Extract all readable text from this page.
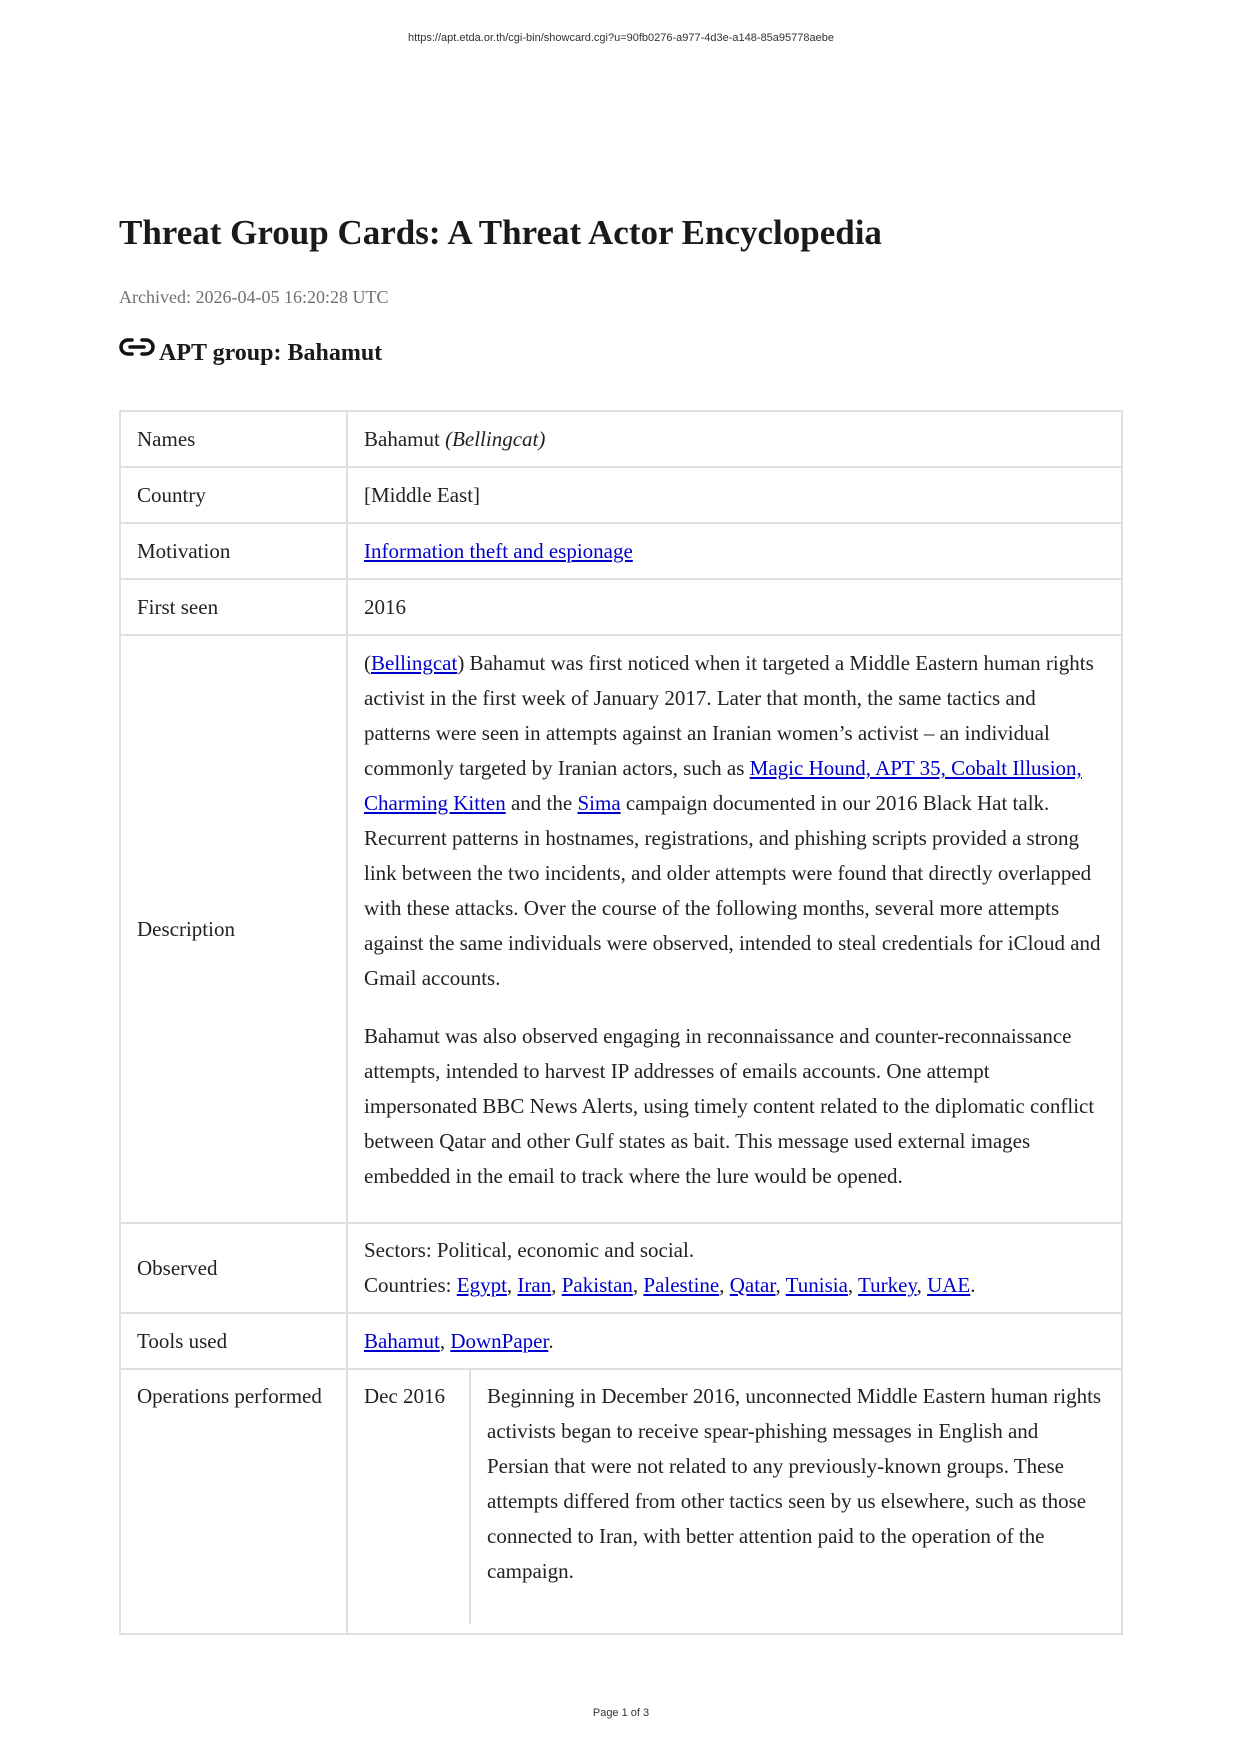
https://apt.etda.or.th/cgi-bin/showcard.cgi?u=90fb0276-a977-4d3e-a148-85a95778aebe
Threat Group Cards: A Threat Actor Encyclopedia
Archived: 2026-04-05 16:20:28 UTC
APT group: Bahamut
Names	Bahamut (Bellingcat)
Country	[Middle East]
Motivation	Information theft and espionage
First seen	2016
Description	(Bellingcat) Bahamut was first noticed when it targeted a Middle Eastern human rights activist in the first week of January 2017. Later that month, the same tactics and patterns were seen in attempts against an Iranian women’s activist – an individual commonly targeted by Iranian actors, such as Magic Hound, APT 35, Cobalt Illusion, Charming Kitten and the Sima campaign documented in our 2016 Black Hat talk. Recurrent patterns in hostnames, registrations, and phishing scripts provided a strong link between the two incidents, and older attempts were found that directly overlapped with these attacks. Over the course of the following months, several more attempts against the same individuals were observed, intended to steal credentials for iCloud and Gmail accounts.

Bahamut was also observed engaging in reconnaissance and counter-reconnaissance attempts, intended to harvest IP addresses of emails accounts. One attempt impersonated BBC News Alerts, using timely content related to the diplomatic conflict between Qatar and other Gulf states as bait. This message used external images embedded in the email to track where the lure would be opened.

Observed	Sectors: Political, economic and social.
Countries: Egypt, Iran, Pakistan, Palestine, Qatar, Tunisia, Turkey, UAE.

Tools used	Bahamut, DownPaper.
Operations performed	Dec 2016 Beginning in December 2016, unconnected Middle Eastern human rights activists began to receive spear-phishing messages in English and Persian that were not related to any previously-known groups. These attempts differed from other tactics seen by us elsewhere, such as those connected to Iran, with better attention paid to the operation of the campaign.
Page 1 of 3
